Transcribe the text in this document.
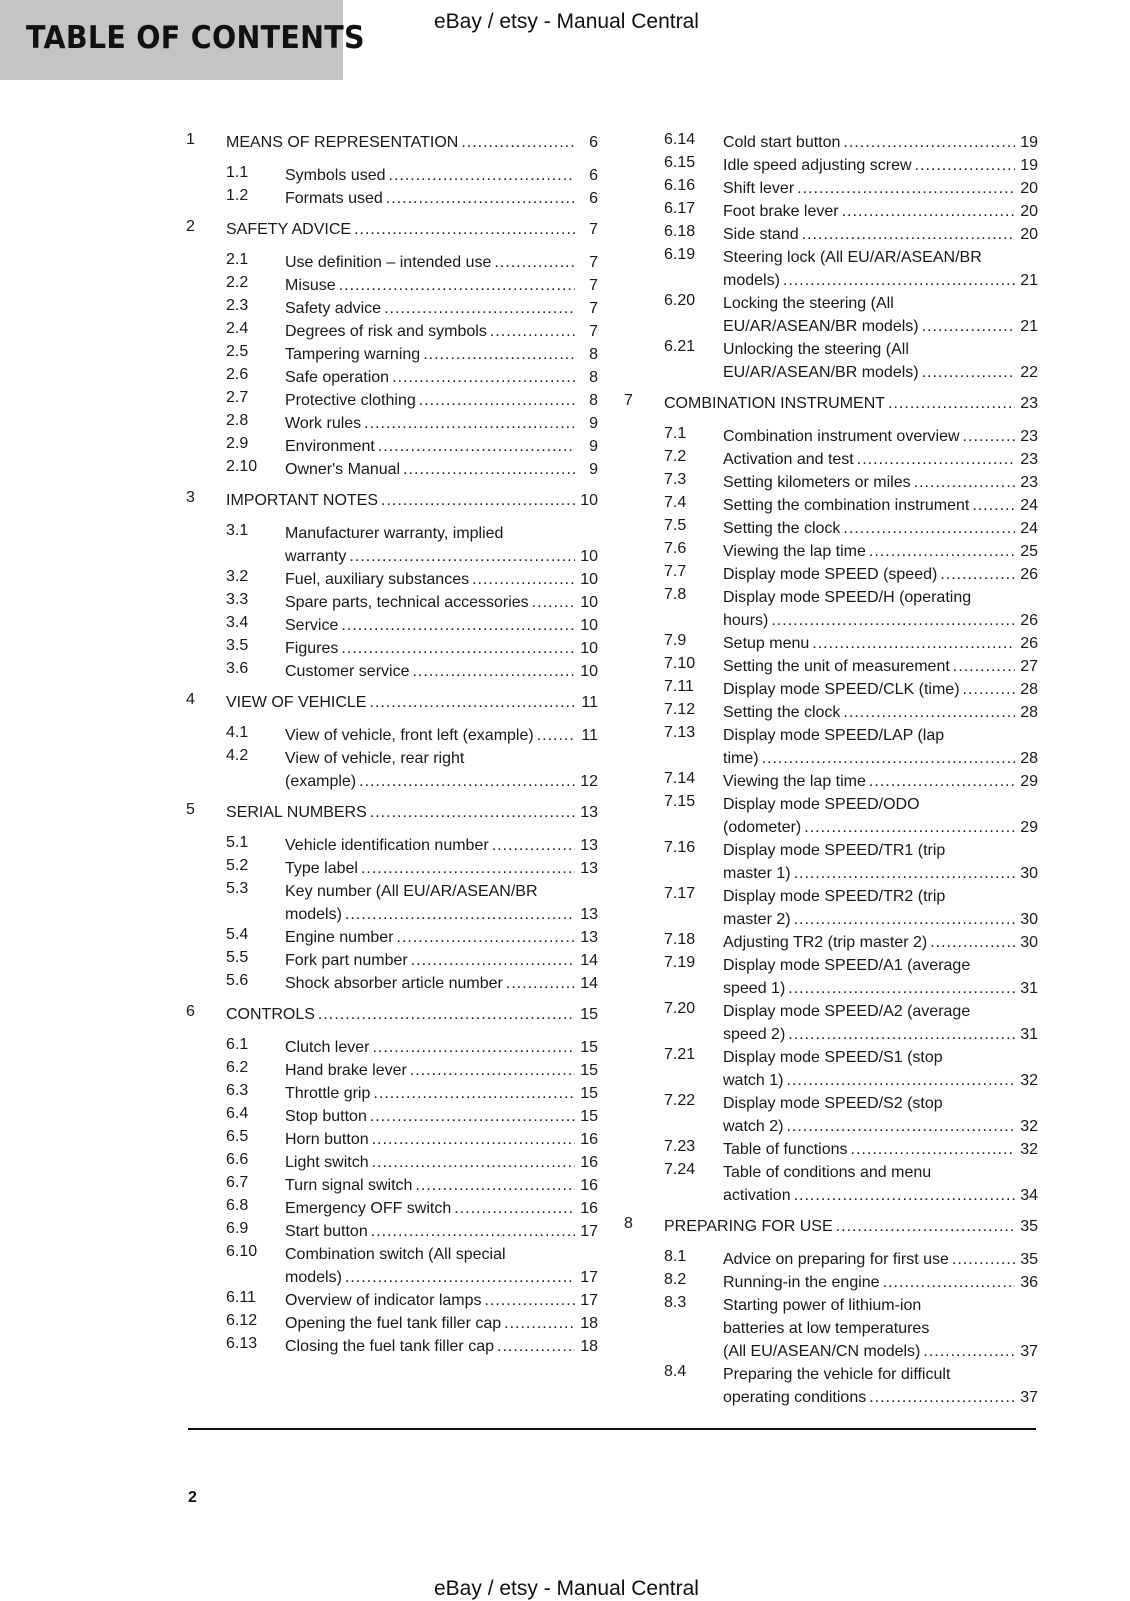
TABLE OF CONTENTS	eBay / etsy - Manual Central
1 MEANS OF REPRESENTATION .....	6
1.1 Symbols used .....	6
1.2 Formats used .....	6
2 SAFETY ADVICE .....	7
2.1 Use definition – intended use .....	7
2.2 Misuse .....	7
2.3 Safety advice .....	7
2.4 Degrees of risk and symbols .....	7
2.5 Tampering warning .....	8
2.6 Safe operation .....	8
2.7 Protective clothing .....	8
2.8 Work rules .....	9
2.9 Environment .....	9
2.10 Owner's Manual .....	9
3 IMPORTANT NOTES .....	10
3.1 Manufacturer warranty, implied
warranty .....	10
3.2 Fuel, auxiliary substances .....	10
3.3 Spare parts, technical accessories .....	10
3.4 Service .....	10
3.5 Figures .....	10
3.6 Customer service .....	10
4 VIEW OF VEHICLE .....	11
4.1 View of vehicle, front left (example) .....	11
4.2 View of vehicle, rear right
(example) .....	12
5 SERIAL NUMBERS .....	13
5.1 Vehicle identification number .....	13
5.2 Type label .....	13
5.3 Key number (All EU/AR/ASEAN/BR
models) .....	13
5.4 Engine number .....	13
5.5 Fork part number .....	14
5.6 Shock absorber article number .....	14
6 CONTROLS .....	15
6.1 Clutch lever .....	15
6.2 Hand brake lever .....	15
6.3 Throttle grip .....	15
6.4 Stop button .....	15
6.5 Horn button .....	16
6.6 Light switch .....	16
6.7 Turn signal switch .....	16
6.8 Emergency OFF switch .....	16
6.9 Start button .....	17
6.10 Combination switch (All special
models) .....	17
6.11 Overview of indicator lamps .....	17
6.12 Opening the fuel tank filler cap .....	18
6.13 Closing the fuel tank filler cap .....	18
6.14 Cold start button .....	19
6.15 Idle speed adjusting screw .....	19
6.16 Shift lever .....	20
6.17 Foot brake lever .....	20
6.18 Side stand .....	20
6.19 Steering lock (All EU/AR/ASEAN/BR
models) .....	21
6.20 Locking the steering (All
EU/AR/ASEAN/BR models) .....	21
6.21 Unlocking the steering (All
EU/AR/ASEAN/BR models) .....	22
7 COMBINATION INSTRUMENT .....	23
7.1 Combination instrument overview .....	23
7.2 Activation and test .....	23
7.3 Setting kilometers or miles .....	23
7.4 Setting the combination instrument .....	24
7.5 Setting the clock .....	24
7.6 Viewing the lap time .....	25
7.7 Display mode SPEED (speed) .....	26
7.8 Display mode SPEED/H (operating
hours) .....	26
7.9 Setup menu .....	26
7.10 Setting the unit of measurement .....	27
7.11 Display mode SPEED/CLK (time) .....	28
7.12 Setting the clock .....	28
7.13 Display mode SPEED/LAP (lap
time) .....	28
7.14 Viewing the lap time .....	29
7.15 Display mode SPEED/ODO
(odometer) .....	29
7.16 Display mode SPEED/TR1 (trip
master 1) .....	30
7.17 Display mode SPEED/TR2 (trip
master 2) .....	30
7.18 Adjusting TR2 (trip master 2) .....	30
7.19 Display mode SPEED/A1 (average
speed 1) .....	31
7.20 Display mode SPEED/A2 (average
speed 2) .....	31
7.21 Display mode SPEED/S1 (stop
watch 1) .....	32
7.22 Display mode SPEED/S2 (stop
watch 2) .....	32
7.23 Table of functions .....	32
7.24 Table of conditions and menu
activation .....	34
8 PREPARING FOR USE .....	35
8.1 Advice on preparing for first use .....	35
8.2 Running-in the engine .....	36
8.3 Starting power of lithium-ion
batteries at low temperatures
(All EU/ASEAN/CN models) .....	37
8.4 Preparing the vehicle for difficult
operating conditions .....	37
2
eBay / etsy - Manual Central
